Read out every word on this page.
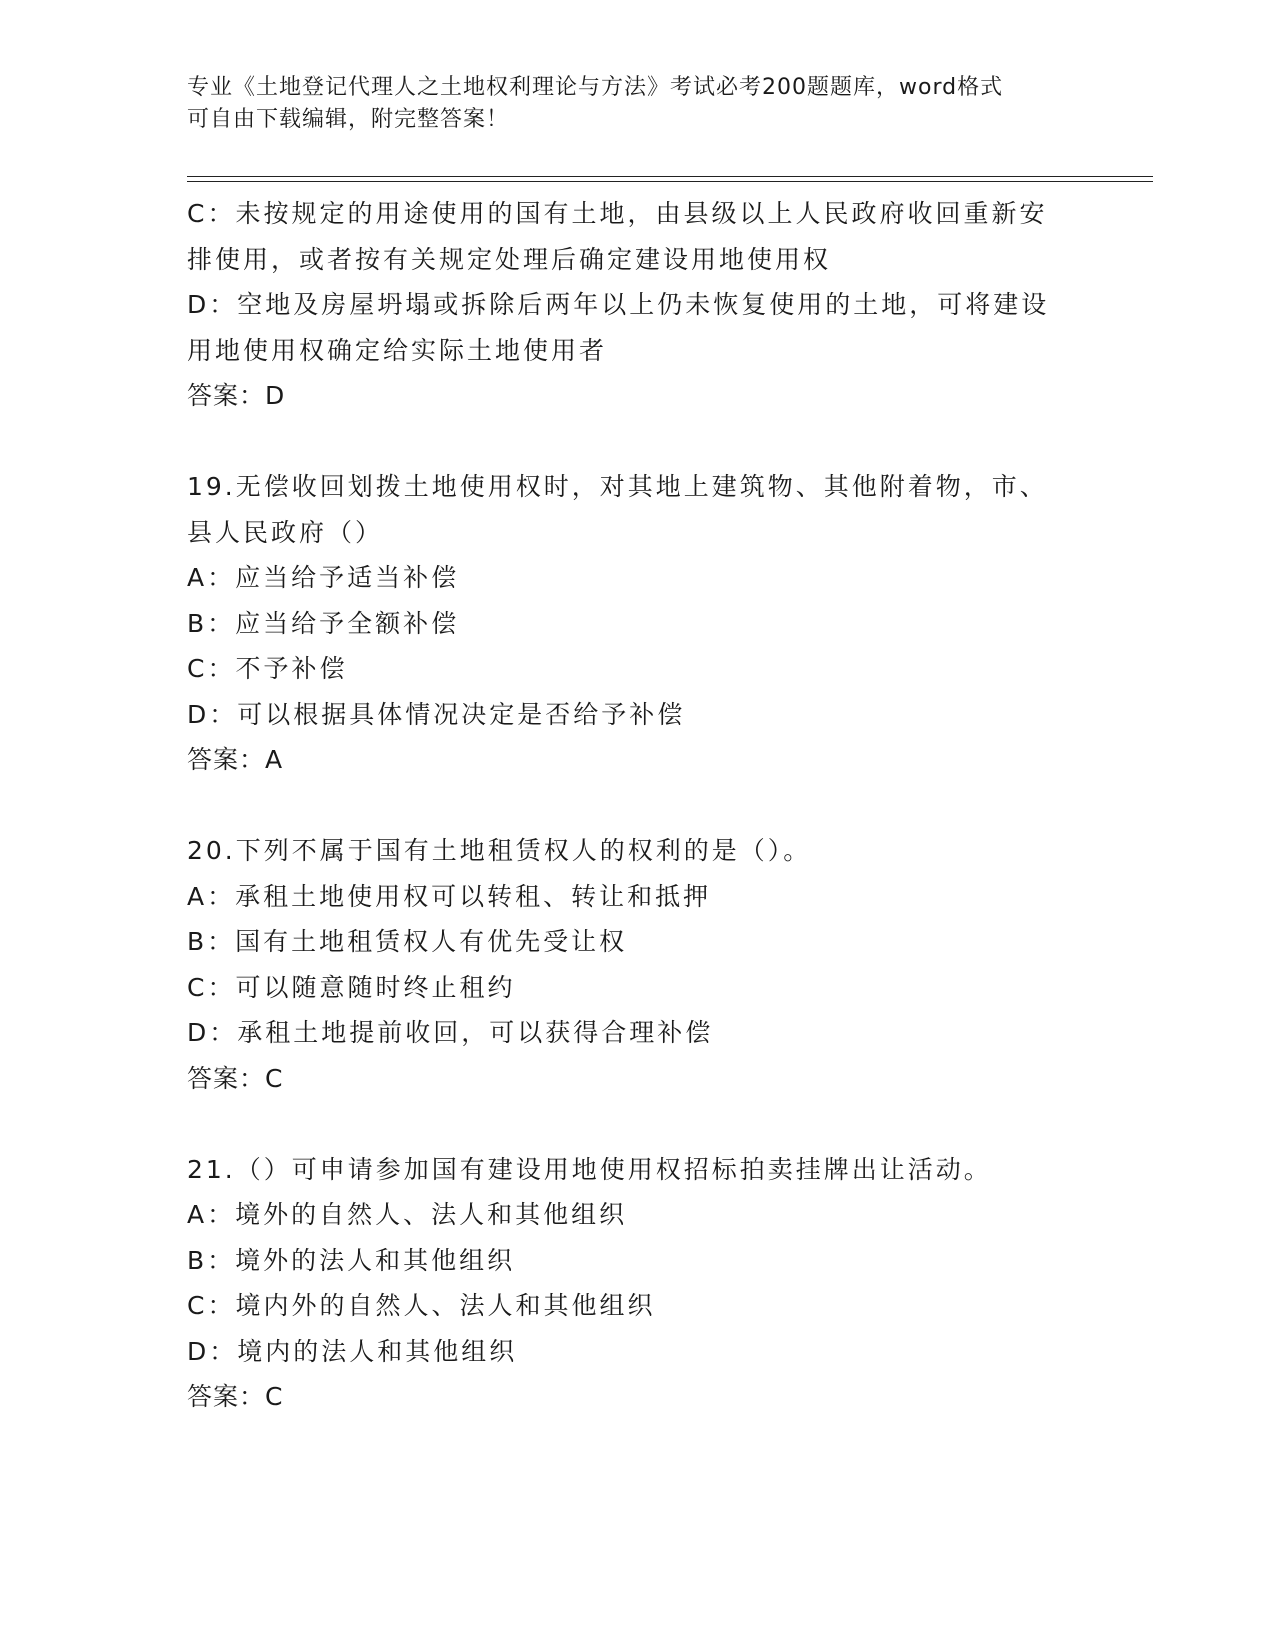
专业《土地登记代理人之土地权利理论与方法》考试必考200题题库，word格式
可自由下载编辑，附完整答案！
C：未按规定的用途使用的国有土地，由县级以上人民政府收回重新安
排使用，或者按有关规定处理后确定建设用地使用权
D：空地及房屋坍塌或拆除后两年以上仍未恢复使用的土地，可将建设
用地使用权确定给实际土地使用者
答案：D
19.无偿收回划拨土地使用权时，对其地上建筑物、其他附着物，市、
县人民政府（）
A：应当给予适当补偿
B：应当给予全额补偿
C：不予补偿
D：可以根据具体情况决定是否给予补偿
答案：A
20.下列不属于国有土地租赁权人的权利的是（）。
A：承租土地使用权可以转租、转让和抵押
B：国有土地租赁权人有优先受让权
C：可以随意随时终止租约
D：承租土地提前收回，可以获得合理补偿
答案：C
21.（）可申请参加国有建设用地使用权招标拍卖挂牌出让活动。
A：境外的自然人、法人和其他组织
B：境外的法人和其他组织
C：境内外的自然人、法人和其他组织
D：境内的法人和其他组织
答案：C
